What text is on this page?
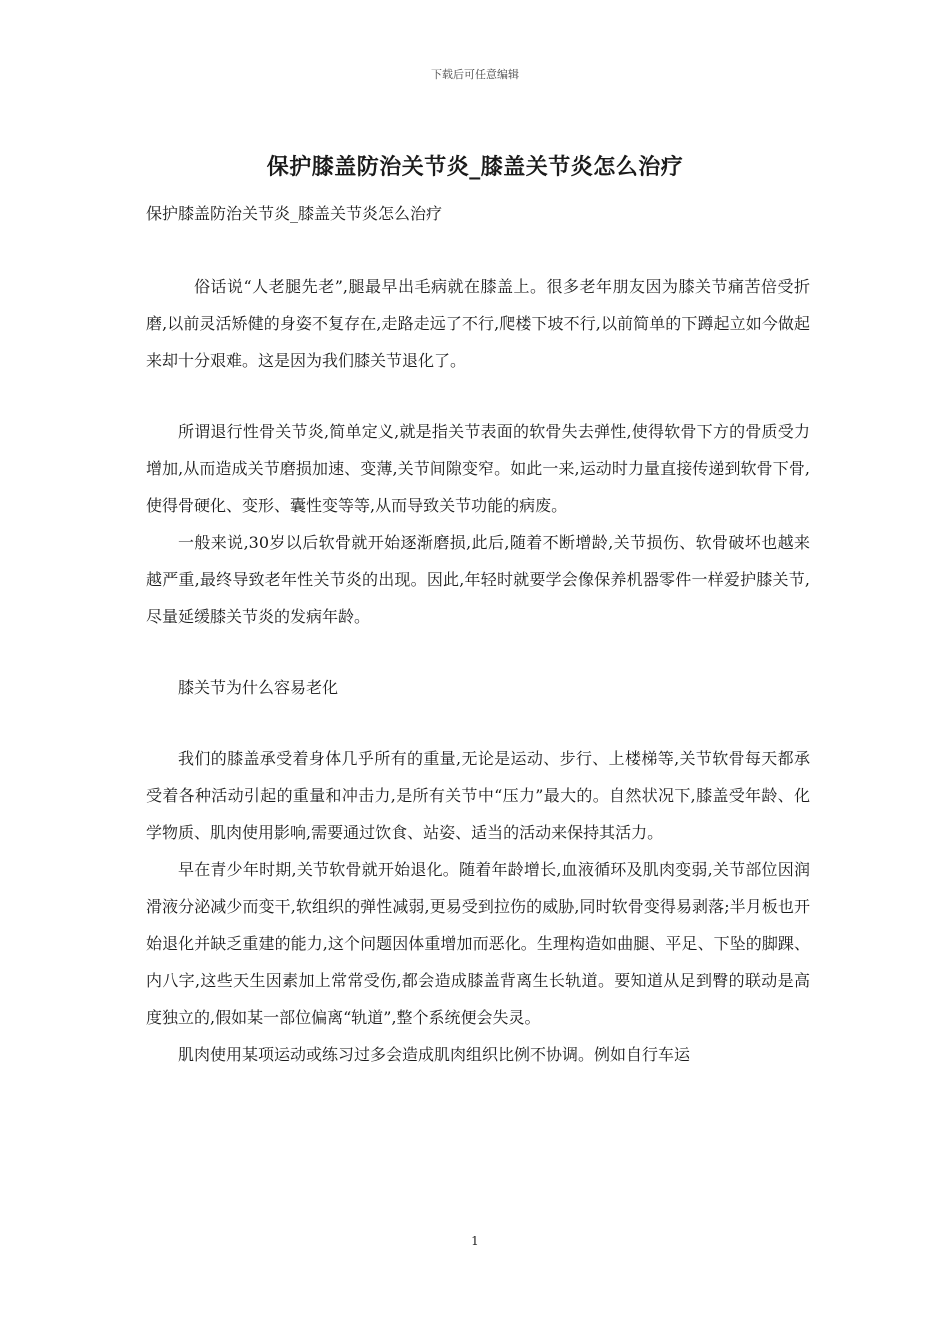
下载后可任意编辑
保护膝盖防治关节炎_膝盖关节炎怎么治疗

保护膝盖防治关节炎_膝盖关节炎怎么治疗

俗话说“人老腿先老”,腿最早出毛病就在膝盖上。很多老年朋友因为膝关节痛苦倍受折磨,以前灵活矫健的身姿不复存在,走路走远了不行,爬楼下坡不行,以前简单的下蹲起立如今做起来却十分艰难。这是因为我们膝关节退化了。

所谓退行性骨关节炎,简单定义,就是指关节表面的软骨失去弹性,使得软骨下方的骨质受力增加,从而造成关节磨损加速、变薄,关节间隙变窄。如此一来,运动时力量直接传递到软骨下骨,使得骨硬化、变形、囊性变等等,从而导致关节功能的病废。

一般来说,30岁以后软骨就开始逐渐磨损,此后,随着不断增龄,关节损伤、软骨破坏也越来越严重,最终导致老年性关节炎的出现。因此,年轻时就要学会像保养机器零件一样爱护膝关节,尽量延缓膝关节炎的发病年龄。

膝关节为什么容易老化

我们的膝盖承受着身体几乎所有的重量,无论是运动、步行、上楼梯等,关节软骨每天都承受着各种活动引起的重量和冲击力,是所有关节中“压力”最大的。自然状况下,膝盖受年龄、化学物质、肌肉使用影响,需要通过饮食、站姿、适当的活动来保持其活力。

早在青少年时期,关节软骨就开始退化。随着年龄增长,血液循环及肌肉变弱,关节部位因润滑液分泌减少而变干,软组织的弹性减弱,更易受到拉伤的威胁,同时软骨变得易剥落;半月板也开始退化并缺乏重建的能力,这个问题因体重增加而恶化。生理构造如曲腿、平足、下坠的脚踝、内八字,这些天生因素加上常常受伤,都会造成膝盖背离生长轨道。要知道从足到臀的联动是高度独立的,假如某一部位偏离“轨道”,整个系统便会失灵。

肌肉使用某项运动或练习过多会造成肌肉组织比例不协调。例如自行车运

1
